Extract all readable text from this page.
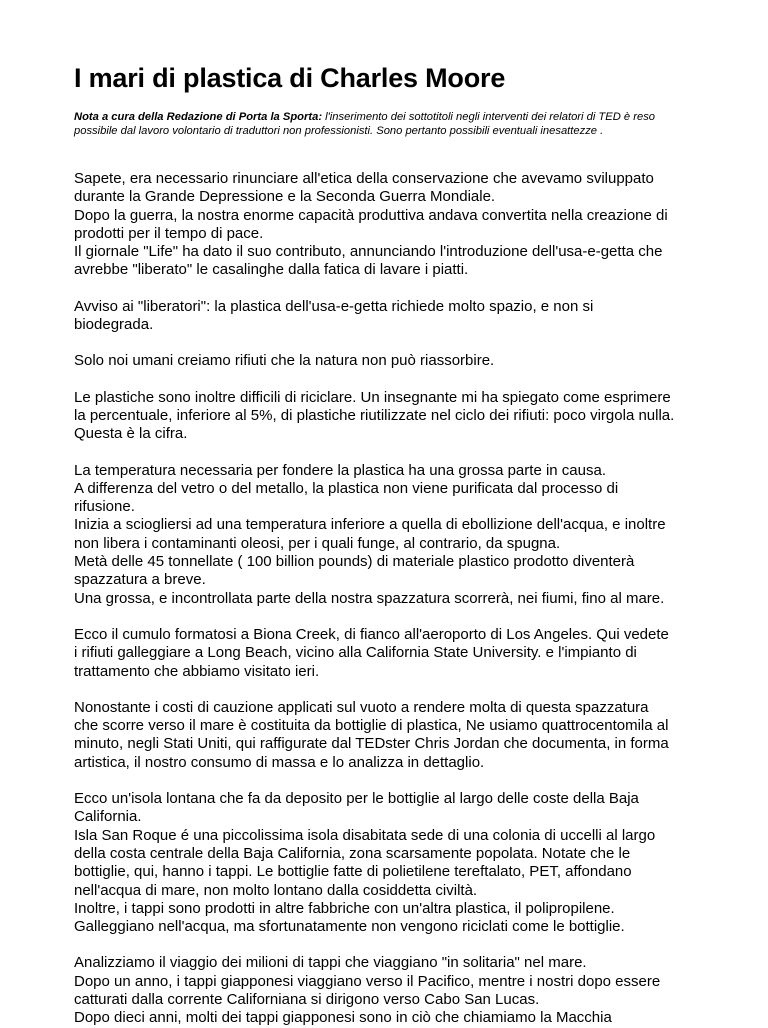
I mari di plastica di Charles Moore
Nota a cura della Redazione di Porta la Sporta: l'inserimento dei sottotitoli negli interventi dei relatori di TED è reso
possibile dal lavoro volontario di traduttori non professionisti. Sono pertanto possibili eventuali inesattezze .

Sapete, era necessario rinunciare all'etica della conservazione che avevamo sviluppato
durante la Grande Depressione e la Seconda Guerra Mondiale.
Dopo la guerra, la nostra enorme capacità produttiva andava convertita nella creazione di
prodotti per il tempo di pace.
Il giornale "Life" ha dato il suo contributo, annunciando l'introduzione dell'usa-e-getta che
avrebbe "liberato" le casalinghe dalla fatica di lavare i piatti.

Avviso ai "liberatori": la plastica dell'usa-e-getta richiede molto spazio, e non si
biodegrada.

Solo noi umani creiamo rifiuti che la natura non può riassorbire.

Le plastiche sono inoltre difficili di riciclare. Un insegnante mi ha spiegato come esprimere
la percentuale, inferiore al 5%, di plastiche riutilizzate nel ciclo dei rifiuti: poco virgola nulla.
Questa è la cifra.

La temperatura necessaria per fondere la plastica ha una grossa parte in causa.
A differenza del vetro o del metallo, la plastica non viene purificata dal processo di
rifusione.
Inizia a sciogliersi ad una temperatura inferiore a quella di ebollizione dell'acqua, e inoltre
non libera i contaminanti oleosi, per i quali funge, al contrario, da spugna.
Metà delle 45 tonnellate ( 100 billion pounds) di materiale plastico prodotto diventerà
spazzatura a breve.
Una grossa, e incontrollata parte della nostra spazzatura scorrerà, nei fiumi, fino al mare.

Ecco il cumulo formatosi a Biona Creek, di fianco all'aeroporto di Los Angeles. Qui vedete
i rifiuti galleggiare a Long Beach, vicino alla California State University. e l'impianto di
trattamento che abbiamo visitato ieri.

Nonostante i costi di cauzione applicati sul vuoto a rendere molta di questa spazzatura
che scorre verso il mare è costituita da bottiglie di plastica, Ne usiamo quattrocentomila al
minuto, negli Stati Uniti, qui raffigurate dal TEDster Chris Jordan che documenta, in forma
artistica, il nostro consumo di massa e lo analizza in dettaglio.

Ecco un'isola lontana che fa da deposito per le bottiglie al largo delle coste della Baja
California.
Isla San Roque é una piccolissima isola disabitata sede di una colonia di uccelli al largo
della costa centrale della Baja California, zona scarsamente popolata. Notate che le
bottiglie, qui, hanno i tappi. Le bottiglie fatte di polietilene tereftalato, PET, affondano
nell'acqua di mare, non molto lontano dalla cosiddetta civiltà.
Inoltre, i tappi sono prodotti in altre fabbriche con un'altra plastica, il polipropilene.
Galleggiano nell'acqua, ma sfortunatamente non vengono riciclati come le bottiglie.

Analizziamo il viaggio dei milioni di tappi che viaggiano "in solitaria" nel mare.
Dopo un anno, i tappi giapponesi viaggiano verso il Pacifico, mentre i nostri dopo essere
catturati dalla corrente Californiana si dirigono verso Cabo San Lucas.
Dopo dieci anni, molti dei tappi giapponesi sono in ciò che chiamiamo la Macchia
